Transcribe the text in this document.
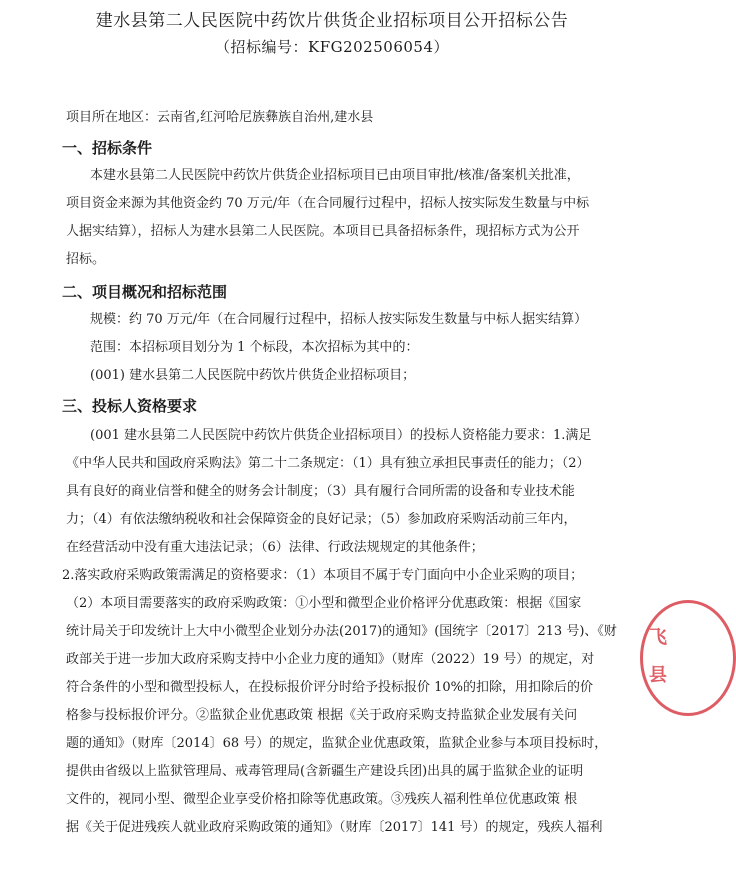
建水县第二人民医院中药饮片供货企业招标项目公开招标公告
（招标编号：KFG202506054）
项目所在地区：云南省,红河哈尼族彝族自治州,建水县
一、招标条件
本建水县第二人民医院中药饮片供货企业招标项目已由项目审批/核准/备案机关批准，
项目资金来源为其他资金约 70 万元/年（在合同履行过程中，招标人按实际发生数量与中标
人据实结算），招标人为建水县第二人民医院。本项目已具备招标条件，现招标方式为公开
招标。
二、项目概况和招标范围
规模：约 70 万元/年（在合同履行过程中，招标人按实际发生数量与中标人据实结算）
范围：本招标项目划分为 1 个标段，本次招标为其中的：
(001) 建水县第二人民医院中药饮片供货企业招标项目；
三、投标人资格要求
(001 建水县第二人民医院中药饮片供货企业招标项目）的投标人资格能力要求：1.满足
《中华人民共和国政府采购法》第二十二条规定：（1）具有独立承担民事责任的能力；（2）
具有良好的商业信誉和健全的财务会计制度；（3）具有履行合同所需的设备和专业技术能
力；（4）有依法缴纳税收和社会保障资金的良好记录；（5）参加政府采购活动前三年内，
在经营活动中没有重大违法记录；（6）法律、行政法规规定的其他条件；
2.落实政府采购政策需满足的资格要求：（1）本项目不属于专门面向中小企业采购的项目；
（2）本项目需要落实的政府采购政策：①小型和微型企业价格评分优惠政策：根据《国家
统计局关于印发统计上大中小微型企业划分办法(2017)的通知》(国统字〔2017〕213 号)、《财
政部关于进一步加大政府采购支持中小企业力度的通知》（财库（2022）19 号）的规定，对
符合条件的小型和微型投标人，在投标报价评分时给予投标报价 10%的扣除，用扣除后的价
格参与投标报价评分。②监狱企业优惠政策 根据《关于政府采购支持监狱企业发展有关问
题的通知》（财库〔2014〕68 号）的规定，监狱企业优惠政策，监狱企业参与本项目投标时，
提供由省级以上监狱管理局、戒毒管理局(含新疆生产建设兵团)出具的属于监狱企业的证明
文件的，视同小型、微型企业享受价格扣除等优惠政策。③残疾人福利性单位优惠政策 根
据《关于促进残疾人就业政府采购政策的通知》（财库〔2017〕141 号）的规定，残疾人福利
飞
县
